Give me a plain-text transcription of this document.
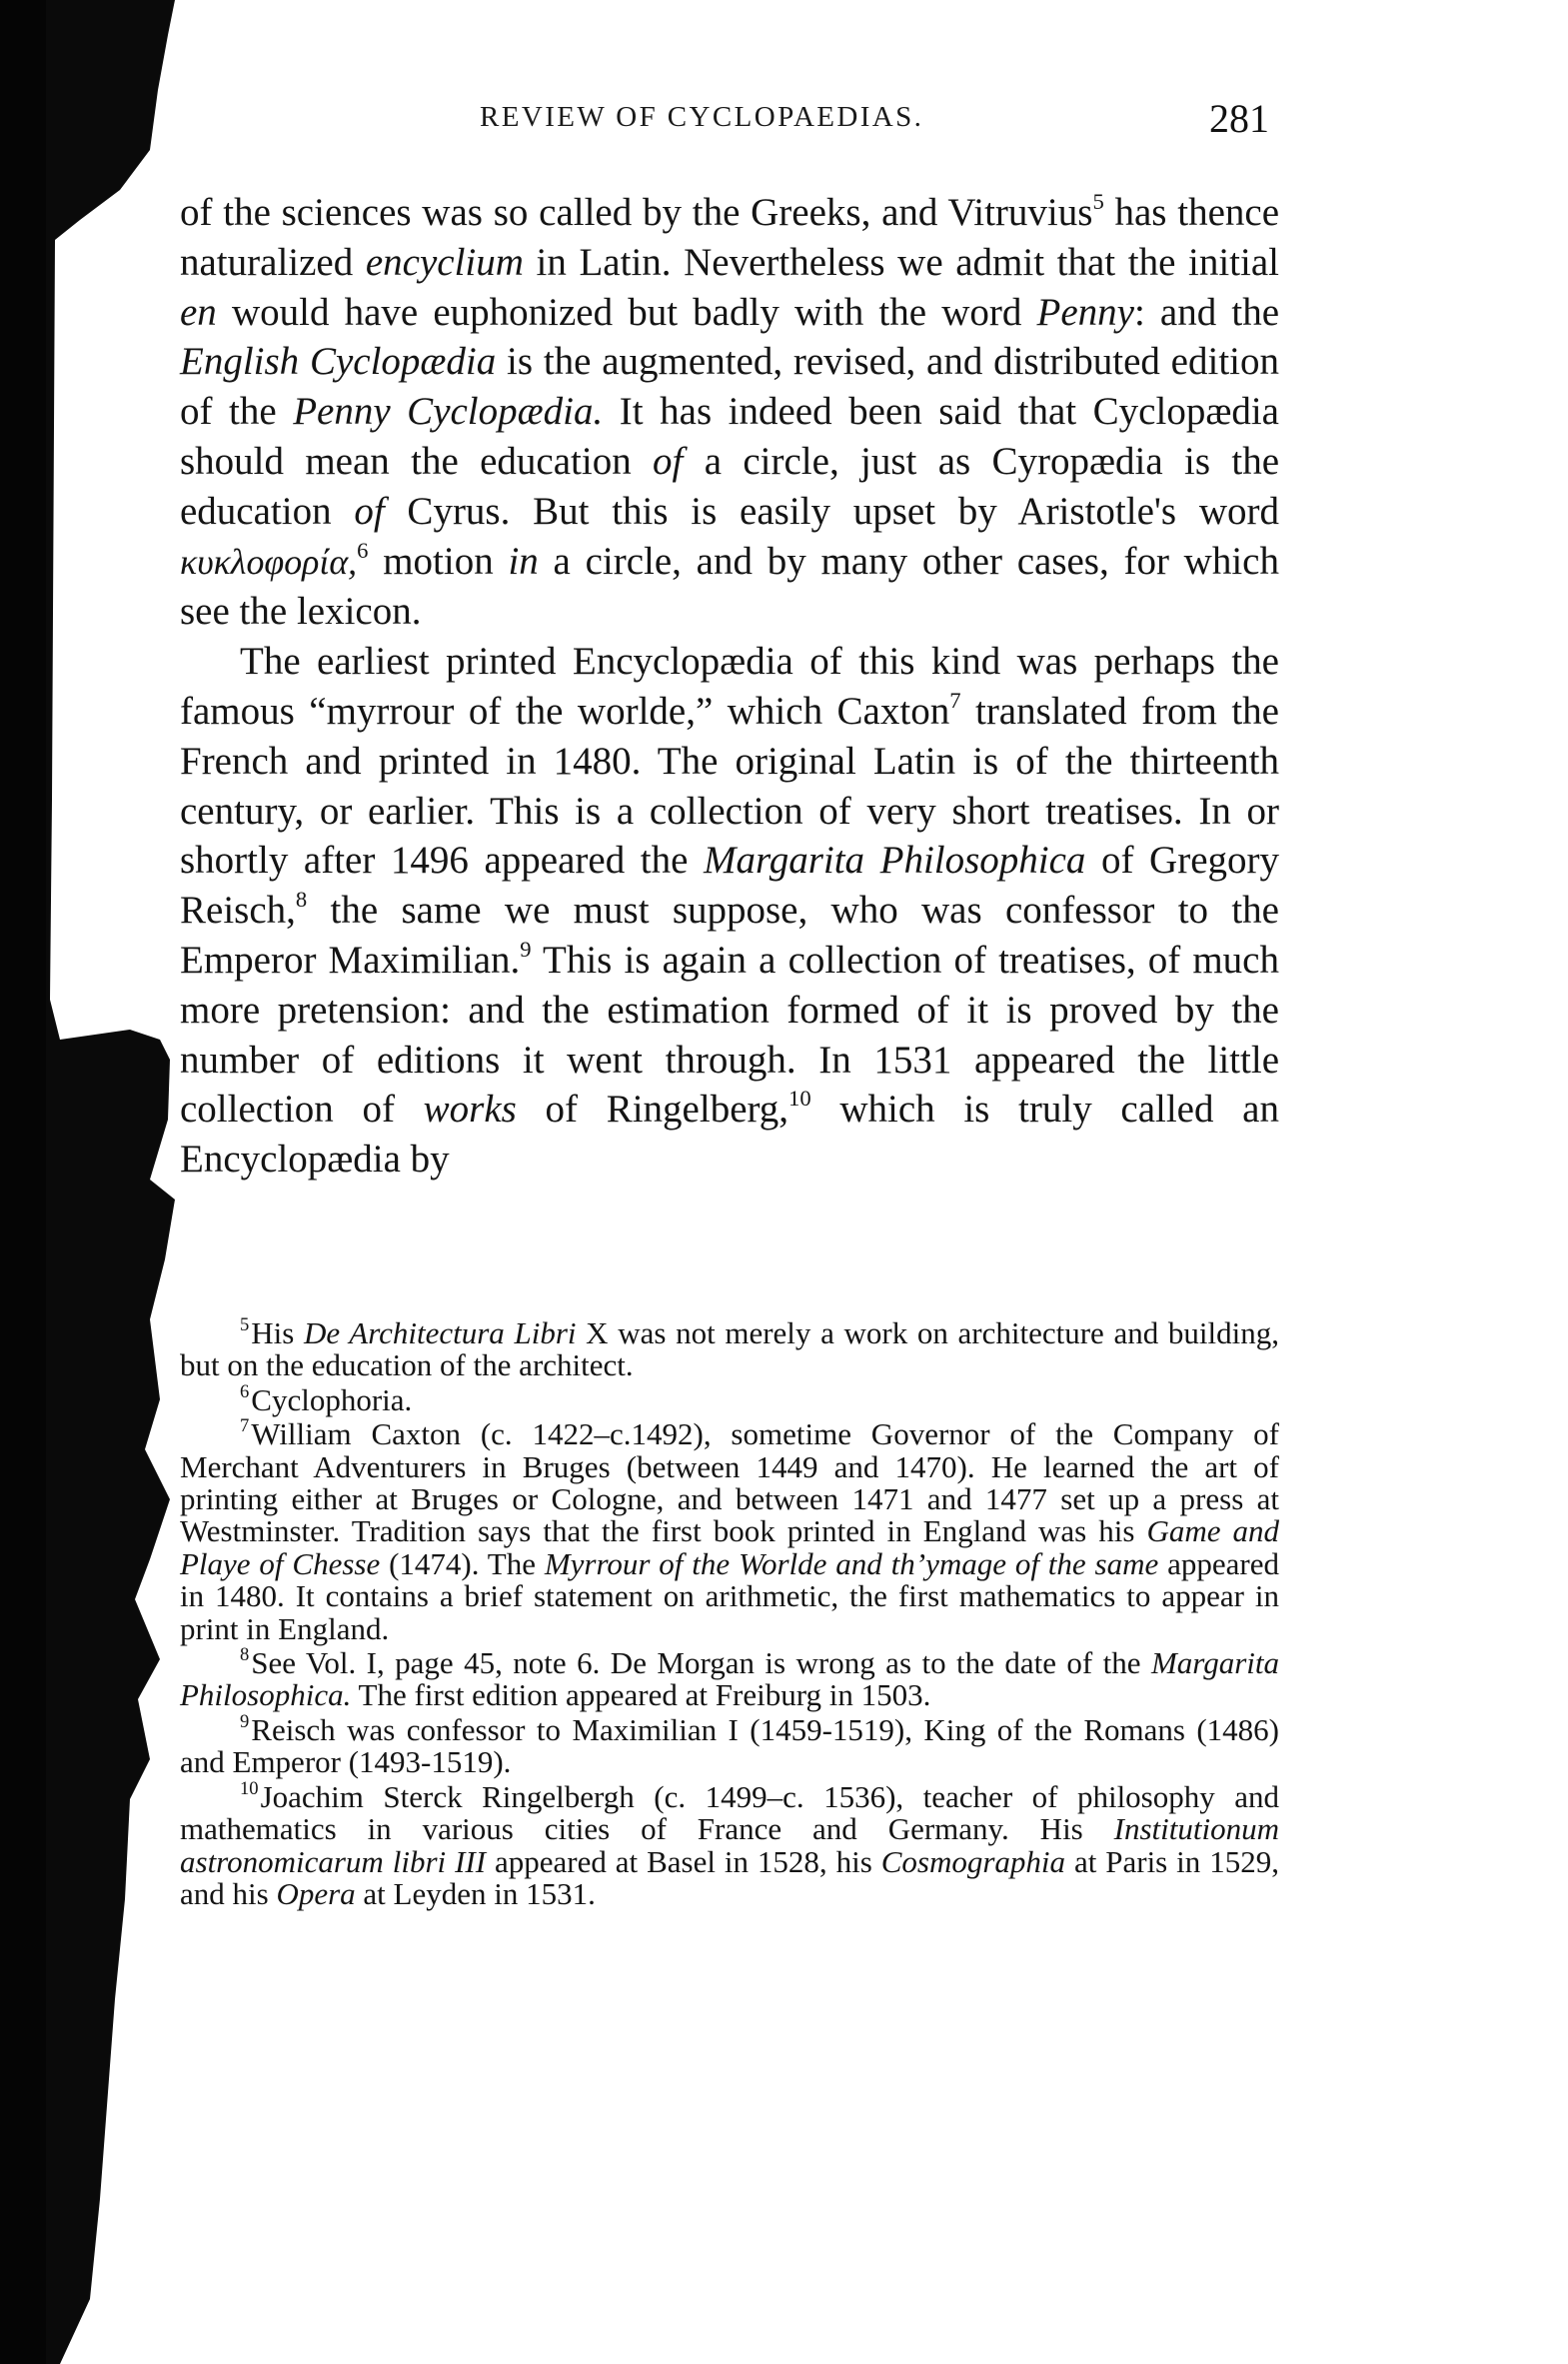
REVIEW OF CYCLOPAEDIAS.	281

of the sciences was so called by the Greeks, and Vitruvius$^5$ has thence naturalized encyclium in Latin. Nevertheless we admit that the initial en would have euphonized but badly with the word Penny: and the English Cyclopædia is the augmented, revised, and distributed edition of the Penny Cyclopædia. It has indeed been said that Cyclopædia should mean the education of a circle, just as Cyropædia is the education of Cyrus. But this is easily upset by Aristotle's word κυκλοφορία,$^6$ motion in a circle, and by many other cases, for which see the lexicon.

The earliest printed Encyclopædia of this kind was perhaps the famous “myrrour of the worlde,” which Caxton$^7$ translated from the French and printed in 1480. The original Latin is of the thirteenth century, or earlier. This is a collection of very short treatises. In or shortly after 1496 appeared the Margarita Philosophica of Gregory Reisch,$^8$ the same we must suppose, who was confessor to the Emperor Maximilian.$^9$ This is again a collection of treatises, of much more pretension: and the estimation formed of it is proved by the number of editions it went through. In 1531 appeared the little collection of works of Ringelberg,$^{10}$ which is truly called an Encyclopædia by

$^5$His De Architectura Libri X was not merely a work on architecture and building, but on the education of the architect.

$^6$Cyclophoria.

$^7$William Caxton (c. 1422–c.1492), sometime Governor of the Company of Merchant Adventurers in Bruges (between 1449 and 1470). He learned the art of printing either at Bruges or Cologne, and between 1471 and 1477 set up a press at Westminster. Tradition says that the first book printed in England was his Game and Playe of Chesse (1474). The Myrrour of the Worlde and th’ymage of the same appeared in 1480. It contains a brief statement on arithmetic, the first mathematics to appear in print in England.

$^8$See Vol. I, page 45, note 6. De Morgan is wrong as to the date of the Margarita Philosophica. The first edition appeared at Freiburg in 1503.

$^9$Reisch was confessor to Maximilian I (1459-1519), King of the Romans (1486) and Emperor (1493-1519).

$^{10}$Joachim Sterck Ringelbergh (c. 1499–c. 1536), teacher of philosophy and mathematics in various cities of France and Germany. His Institutionum astronomicarum libri III appeared at Basel in 1528, his Cosmographia at Paris in 1529, and his Opera at Leyden in 1531.
